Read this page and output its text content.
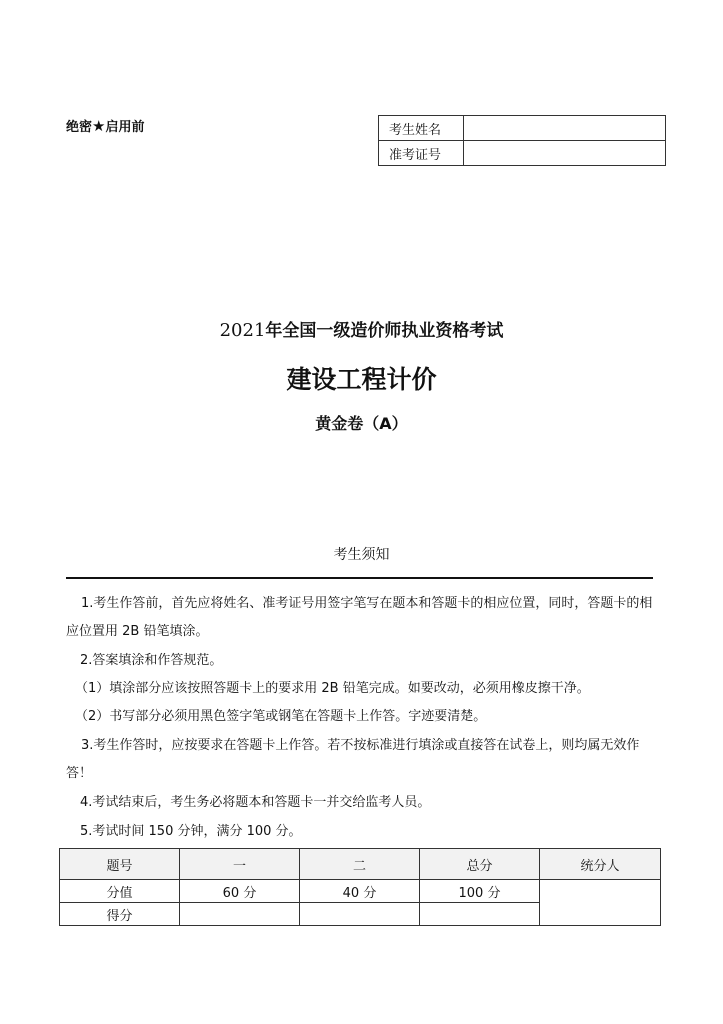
绝密★启用前	考生姓名	
准考证号	
2021年全国一级造价师执业资格考试
建设工程计价
黄金卷（A）
考生须知
1.考生作答前，首先应将姓名、准考证号用签字笔写在题本和答题卡的相应位置，同时，答题卡的相应位置用 2B 铅笔填涂。
2.答案填涂和作答规范。
（1）填涂部分应该按照答题卡上的要求用 2B 铅笔完成。如要改动，必须用橡皮擦干净。
（2）书写部分必须用黑色签字笔或钢笔在答题卡上作答。字迹要清楚。
3.考生作答时，应按要求在答题卡上作答。若不按标准进行填涂或直接答在试卷上，则均属无效作答！
4.考试结束后，考生务必将题本和答题卡一并交给监考人员。
5.考试时间 150 分钟，满分 100 分。
题号	一	二	总分	统分人
分值	60 分	40 分	100 分	
得分				
